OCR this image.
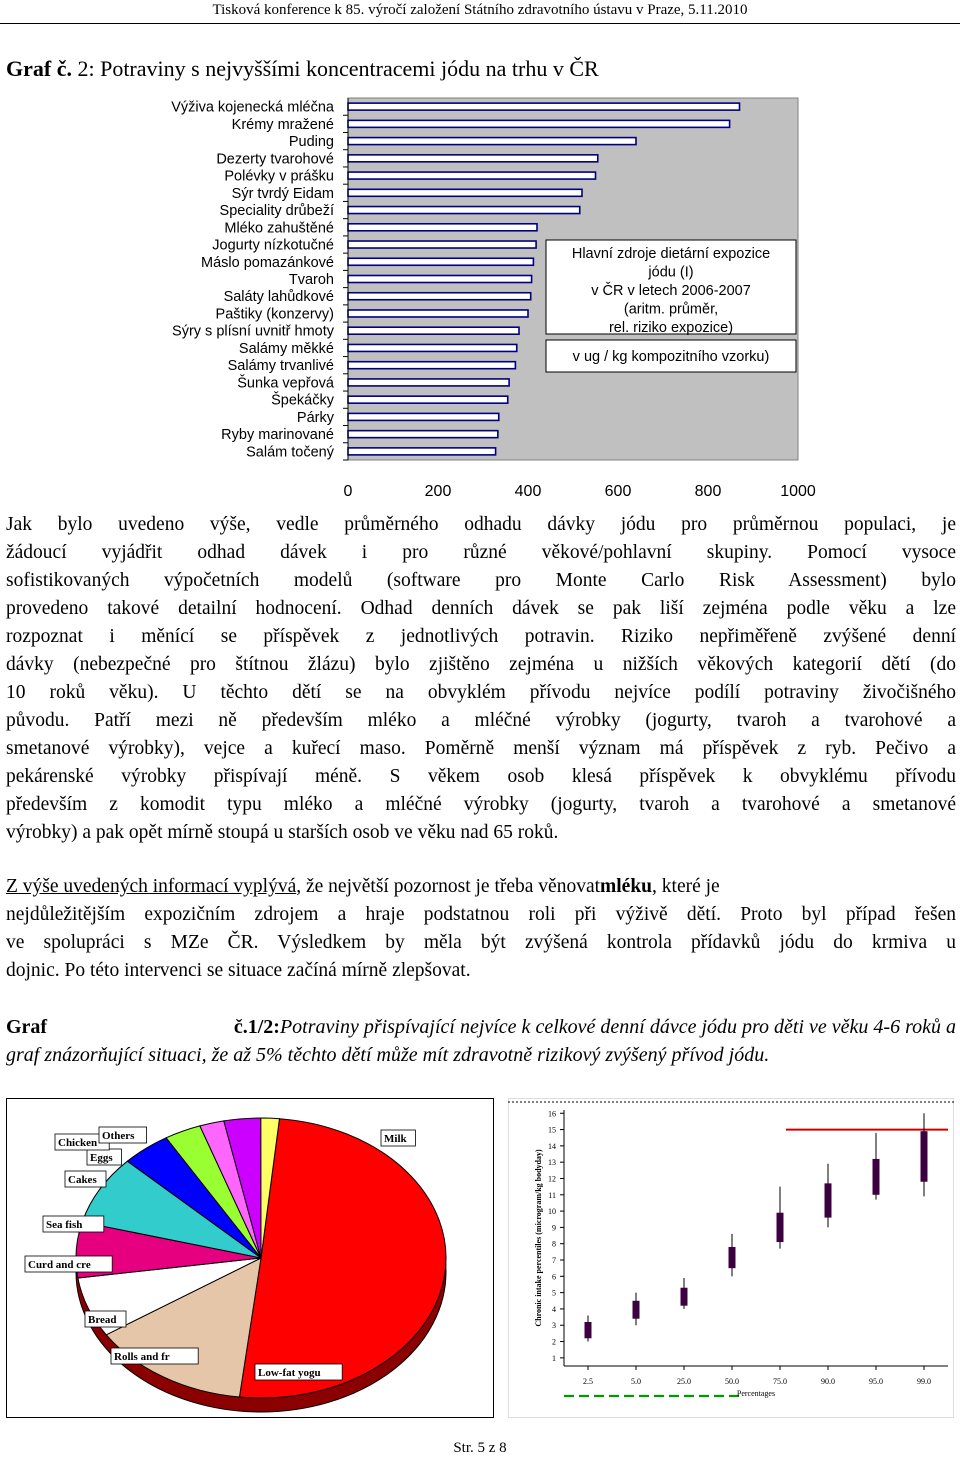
Tisková konference k 85. výročí založení Státního zdravotního ústavu v Praze, 5.11.2010
Graf č. 2: Potraviny s nejvyššími koncentracemi jódu na trhu v ČR
Výživa kojenecká mléčna
Krémy mražené
Puding
Dezerty tvarohové
Polévky v prášku
Sýr tvrdý Eidam
Speciality drůbeží
Mléko zahuštěné
Jogurty nízkotučné
Máslo pomazánkové
Tvaroh
Saláty lahůdkové
Paštiky (konzervy)
Sýry s plísní uvnitř hmoty
Salámy měkké
Salámy trvanlivé
Šunka vepřová
Špekáčky
Párky
Ryby marinované
Salám točený
0	200	400	600	800	1000
Hlavní zdroje dietární expozice
jódu (I)
v ČR v letech 2006-2007
(aritm. průměr,
rel. riziko expozice)
v ug / kg kompozitního vzorku)
Jak bylo uvedeno výše, vedle průměrného odhadu dávky jódu pro průměrnou populaci, je
žádoucí vyjádřit odhad dávek i pro různé věkové/pohlavní skupiny. Pomocí vysoce
sofistikovaných výpočetních modelů (software pro Monte Carlo Risk Assessment) bylo
provedeno takové detailní hodnocení. Odhad denních dávek se pak liší zejména podle věku a lze
rozpoznat i měnící se příspěvek z jednotlivých potravin. Riziko nepřiměřeně zvýšené denní
dávky (nebezpečné pro štítnou žlázu) bylo zjištěno zejména u nižších věkových kategorií dětí (do
10 roků věku). U těchto dětí se na obvyklém přívodu nejvíce podílí potraviny živočišného
původu. Patří mezi ně především mléko a mléčné výrobky (jogurty, tvaroh a tvarohové a
smetanové výrobky), vejce a kuřecí maso. Poměrně menší význam má příspěvek z ryb. Pečivo a
pekárenské výrobky přispívají méně. S věkem osob klesá příspěvek k obvyklému přívodu
především z komodit typu mléko a mléčné výrobky (jogurty, tvaroh a tvarohové a smetanové
výrobky) a pak opět mírně stoupá u starších osob ve věku nad 65 roků.
Z výše uvedených informací vyplývá, že největší pozornost je třeba věnovatmléku, které je
nejdůležitějším expozičním zdrojem a hraje podstatnou roli při výživě dětí. Proto byl případ řešen
ve spolupráci s MZe ČR. Výsledkem by měla být zvýšená kontrola přídavků jódu do krmiva u
dojnic. Po této intervenci se situace začíná mírně zlepšovat.
Graf č.1/2:Potraviny přispívající nejvíce k celkové denní dávce jódu pro děti ve věku 4-6 roků a
graf znázorňující situaci, že až 5% těchto dětí může mít zdravotně rizikový zvýšený přívod jódu.
Milk
Low-fat yogu
Rolls and fr
Bread
Curd and cre
Sea fish
Cakes
Eggs
Chicken
Others
1
2
3
4
5
6
7
8
9
10
11
12
13
14
15
16
2.5	5.0	25.0	50.0	75.0	90.0	95.0	99.0
Percentages
Chronic intake percentiles (microgram/kg bodyday)
Str. 5 z 8
